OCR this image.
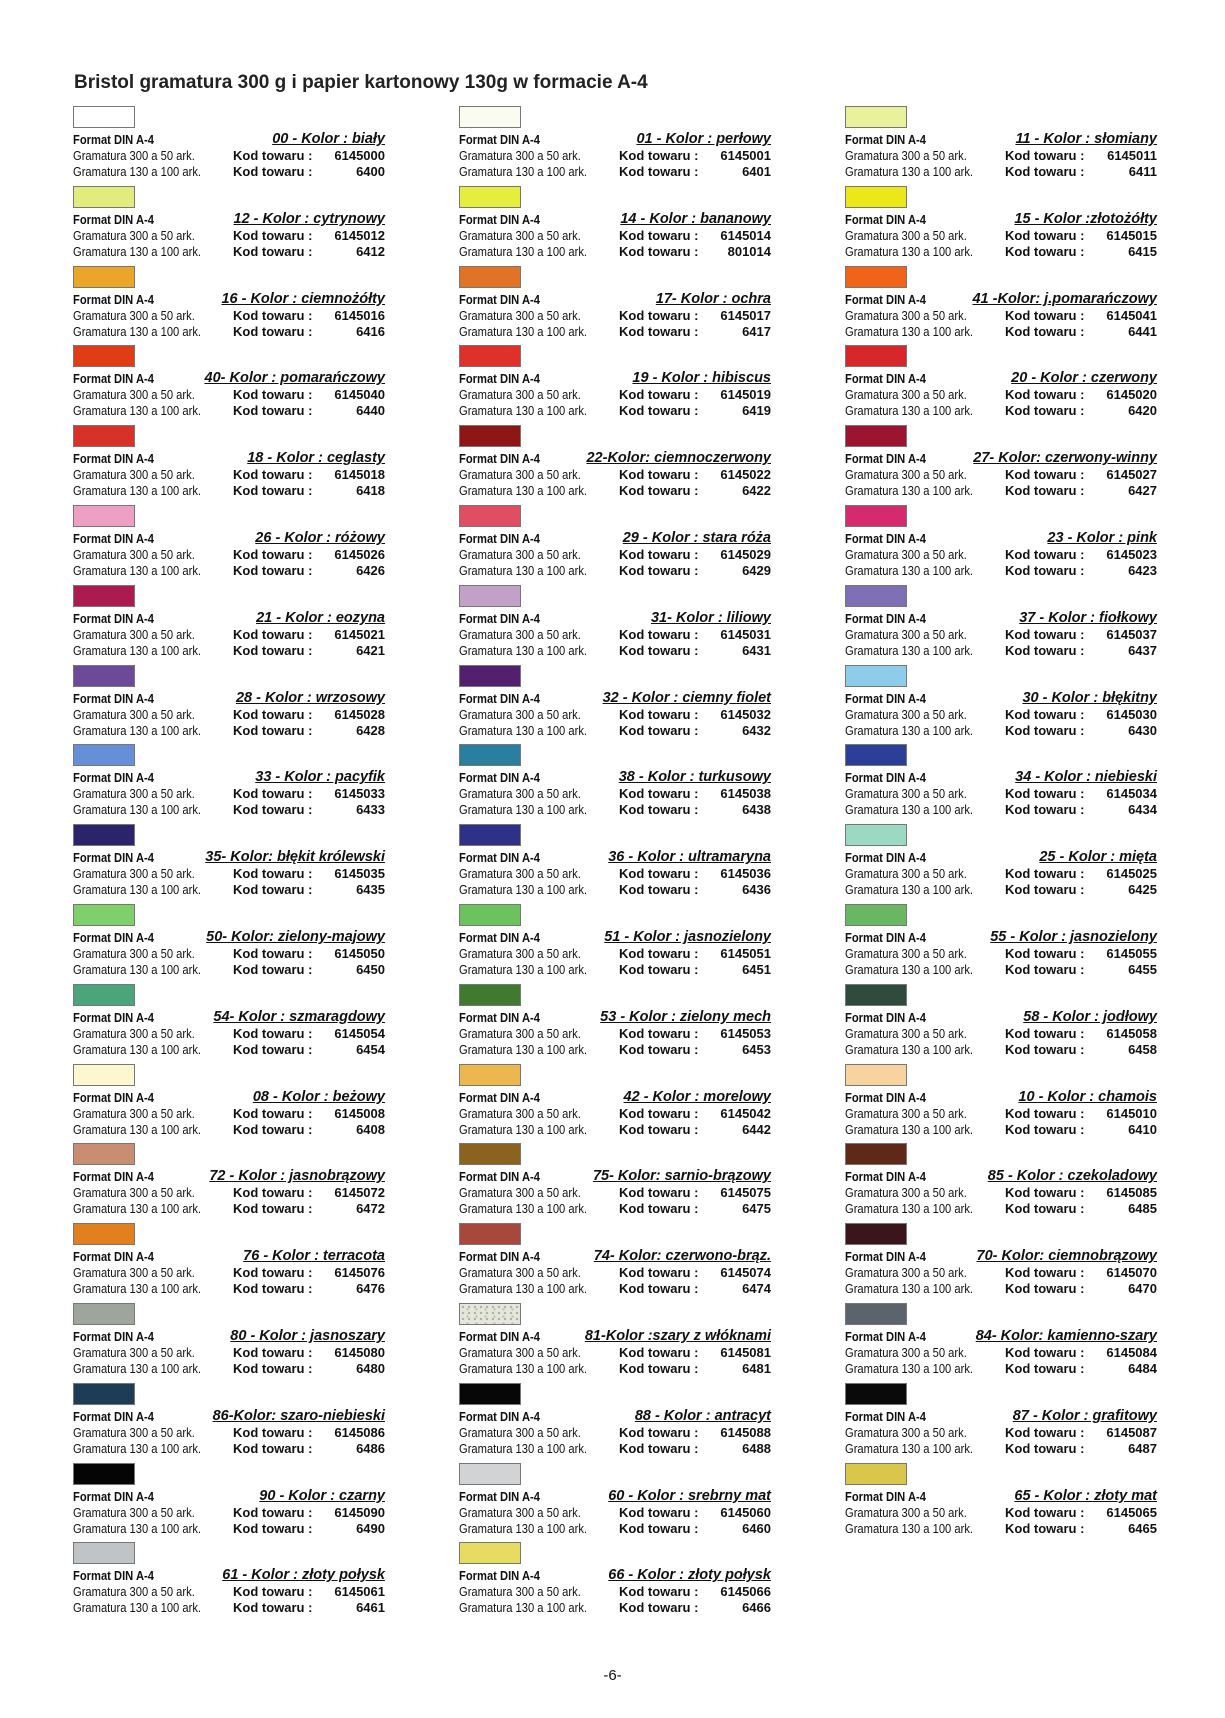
Bristol gramatura 300 g i papier kartonowy 130g w formacie A-4
Format DIN A-4	00 - Kolor : biały
Gramatura 300 a 50 ark.	Kod towaru : 6145000
Gramatura 130 a 100 ark. Kod towaru :	6400
Format DIN A-4	12 - Kolor : cytrynowy
Gramatura 300 a 50 ark.	Kod towaru : 6145012
Gramatura 130 a 100 ark. Kod towaru :	6412
Format DIN A-4	16 - Kolor : ciemnożółty
Gramatura 300 a 50 ark.	Kod towaru : 6145016
Gramatura 130 a 100 ark. Kod towaru :	6416
Format DIN A-4	40- Kolor : pomarańczowy
Gramatura 300 a 50 ark.	Kod towaru : 6145040
Gramatura 130 a 100 ark. Kod towaru :	6440
Format DIN A-4	18 - Kolor : ceglasty
Gramatura 300 a 50 ark.	Kod towaru : 6145018
Gramatura 130 a 100 ark. Kod towaru :	6418
Format DIN A-4	26 - Kolor : różowy
Gramatura 300 a 50 ark.	Kod towaru : 6145026
Gramatura 130 a 100 ark. Kod towaru :	6426
Format DIN A-4	21 - Kolor : eozyna
Gramatura 300 a 50 ark.	Kod towaru : 6145021
Gramatura 130 a 100 ark. Kod towaru :	6421
Format DIN A-4	28 - Kolor : wrzosowy
Gramatura 300 a 50 ark.	Kod towaru : 6145028
Gramatura 130 a 100 ark. Kod towaru :	6428
Format DIN A-4	33 - Kolor : pacyfik
Gramatura 300 a 50 ark.	Kod towaru : 6145033
Gramatura 130 a 100 ark. Kod towaru :	6433
Format DIN A-4	35- Kolor: błękit królewski
Gramatura 300 a 50 ark.	Kod towaru : 6145035
Gramatura 130 a 100 ark. Kod towaru :	6435
Format DIN A-4	50- Kolor: zielony-majowy
Gramatura 300 a 50 ark.	Kod towaru : 6145050
Gramatura 130 a 100 ark. Kod towaru :	6450
Format DIN A-4	54- Kolor : szmaragdowy
Gramatura 300 a 50 ark.	Kod towaru : 6145054
Gramatura 130 a 100 ark. Kod towaru :	6454
Format DIN A-4	08 - Kolor : beżowy
Gramatura 300 a 50 ark.	Kod towaru : 6145008
Gramatura 130 a 100 ark. Kod towaru :	6408
Format DIN A-4	72 - Kolor : jasnobrązowy
Gramatura 300 a 50 ark.	Kod towaru : 6145072
Gramatura 130 a 100 ark. Kod towaru :	6472
Format DIN A-4	76 - Kolor : terracota
Gramatura 300 a 50 ark.	Kod towaru : 6145076
Gramatura 130 a 100 ark. Kod towaru :	6476
Format DIN A-4	80 - Kolor : jasnoszary
Gramatura 300 a 50 ark.	Kod towaru : 6145080
Gramatura 130 a 100 ark. Kod towaru :	6480
Format DIN A-4	86-Kolor: szaro-niebieski
Gramatura 300 a 50 ark.	Kod towaru : 6145086
Gramatura 130 a 100 ark. Kod towaru :	6486
Format DIN A-4	90 - Kolor : czarny
Gramatura 300 a 50 ark.	Kod towaru : 6145090
Gramatura 130 a 100 ark. Kod towaru :	6490
Format DIN A-4	61 - Kolor : złoty połysk
Gramatura 300 a 50 ark.	Kod towaru : 6145061
Gramatura 130 a 100 ark. Kod towaru :	6461
Format DIN A-4	01 - Kolor : perłowy
Gramatura 300 a 50 ark.	Kod towaru : 6145001
Gramatura 130 a 100 ark. Kod towaru :	6401
Format DIN A-4	14 - Kolor : bananowy
Gramatura 300 a 50 ark.	Kod towaru : 6145014
Gramatura 130 a 100 ark. Kod towaru : 801014
Format DIN A-4	17- Kolor : ochra
Gramatura 300 a 50 ark.	Kod towaru : 6145017
Gramatura 130 a 100 ark. Kod towaru :	6417
Format DIN A-4	19 - Kolor : hibiscus
Gramatura 300 a 50 ark.	Kod towaru : 6145019
Gramatura 130 a 100 ark. Kod towaru :	6419
Format DIN A-4	22-Kolor: ciemnoczerwony
Gramatura 300 a 50 ark.	Kod towaru : 6145022
Gramatura 130 a 100 ark. Kod towaru :	6422
Format DIN A-4	29 - Kolor : stara róża
Gramatura 300 a 50 ark.	Kod towaru : 6145029
Gramatura 130 a 100 ark. Kod towaru :	6429
Format DIN A-4	31- Kolor : liliowy
Gramatura 300 a 50 ark.	Kod towaru : 6145031
Gramatura 130 a 100 ark. Kod towaru :	6431
Format DIN A-4	32 - Kolor : ciemny fiolet
Gramatura 300 a 50 ark.	Kod towaru : 6145032
Gramatura 130 a 100 ark. Kod towaru :	6432
Format DIN A-4	38 - Kolor : turkusowy
Gramatura 300 a 50 ark.	Kod towaru : 6145038
Gramatura 130 a 100 ark. Kod towaru :	6438
Format DIN A-4	36 - Kolor : ultramaryna
Gramatura 300 a 50 ark.	Kod towaru : 6145036
Gramatura 130 a 100 ark. Kod towaru :	6436
Format DIN A-4	51 - Kolor : jasnozielony
Gramatura 300 a 50 ark.	Kod towaru : 6145051
Gramatura 130 a 100 ark. Kod towaru :	6451
Format DIN A-4	53 - Kolor : zielony mech
Gramatura 300 a 50 ark.	Kod towaru : 6145053
Gramatura 130 a 100 ark. Kod towaru :	6453
Format DIN A-4	42 - Kolor : morelowy
Gramatura 300 a 50 ark.	Kod towaru : 6145042
Gramatura 130 a 100 ark. Kod towaru :	6442
Format DIN A-4	75- Kolor: sarnio-brązowy
Gramatura 300 a 50 ark.	Kod towaru : 6145075
Gramatura 130 a 100 ark. Kod towaru :	6475
Format DIN A-4	74- Kolor: czerwono-brąz.
Gramatura 300 a 50 ark.	Kod towaru : 6145074
Gramatura 130 a 100 ark. Kod towaru :	6474
Format DIN A-4	81-Kolor :szary z włóknami
Gramatura 300 a 50 ark.	Kod towaru : 6145081
Gramatura 130 a 100 ark. Kod towaru :	6481
Format DIN A-4	88 - Kolor : antracyt
Gramatura 300 a 50 ark.	Kod towaru : 6145088
Gramatura 130 a 100 ark. Kod towaru :	6488
Format DIN A-4	60 - Kolor : srebrny mat
Gramatura 300 a 50 ark.	Kod towaru : 6145060
Gramatura 130 a 100 ark. Kod towaru :	6460
Format DIN A-4	66 - Kolor : złoty połysk
Gramatura 300 a 50 ark.	Kod towaru : 6145066
Gramatura 130 a 100 ark. Kod towaru :	6466
Format DIN A-4	11 - Kolor : słomiany
Gramatura 300 a 50 ark.	Kod towaru : 6145011
Gramatura 130 a 100 ark. Kod towaru :	6411
Format DIN A-4	15 - Kolor :złotożółty
Gramatura 300 a 50 ark.	Kod towaru : 6145015
Gramatura 130 a 100 ark. Kod towaru :	6415
Format DIN A-4	41 -Kolor: j.pomarańczowy
Gramatura 300 a 50 ark.	Kod towaru : 6145041
Gramatura 130 a 100 ark. Kod towaru :	6441
Format DIN A-4	20 - Kolor : czerwony
Gramatura 300 a 50 ark.	Kod towaru : 6145020
Gramatura 130 a 100 ark. Kod towaru :	6420
Format DIN A-4	27- Kolor: czerwony-winny
Gramatura 300 a 50 ark.	Kod towaru : 6145027
Gramatura 130 a 100 ark. Kod towaru :	6427
Format DIN A-4	23 - Kolor : pink
Gramatura 300 a 50 ark.	Kod towaru : 6145023
Gramatura 130 a 100 ark. Kod towaru :	6423
Format DIN A-4	37 - Kolor : fiołkowy
Gramatura 300 a 50 ark.	Kod towaru : 6145037
Gramatura 130 a 100 ark. Kod towaru :	6437
Format DIN A-4	30 - Kolor : błękitny
Gramatura 300 a 50 ark.	Kod towaru : 6145030
Gramatura 130 a 100 ark. Kod towaru :	6430
Format DIN A-4	34 - Kolor : niebieski
Gramatura 300 a 50 ark.	Kod towaru : 6145034
Gramatura 130 a 100 ark. Kod towaru :	6434
Format DIN A-4	25 - Kolor : mięta
Gramatura 300 a 50 ark.	Kod towaru : 6145025
Gramatura 130 a 100 ark. Kod towaru :	6425
Format DIN A-4	55 - Kolor : jasnozielony
Gramatura 300 a 50 ark.	Kod towaru : 6145055
Gramatura 130 a 100 ark. Kod towaru :	6455
Format DIN A-4	58 - Kolor : jodłowy
Gramatura 300 a 50 ark.	Kod towaru : 6145058
Gramatura 130 a 100 ark. Kod towaru :	6458
Format DIN A-4	10 - Kolor : chamois
Gramatura 300 a 50 ark.	Kod towaru : 6145010
Gramatura 130 a 100 ark. Kod towaru :	6410
Format DIN A-4	85 - Kolor : czekoladowy
Gramatura 300 a 50 ark.	Kod towaru : 6145085
Gramatura 130 a 100 ark. Kod towaru :	6485
Format DIN A-4	70- Kolor: ciemnobrązowy
Gramatura 300 a 50 ark.	Kod towaru : 6145070
Gramatura 130 a 100 ark. Kod towaru :	6470
Format DIN A-4	84- Kolor: kamienno-szary
Gramatura 300 a 50 ark.	Kod towaru : 6145084
Gramatura 130 a 100 ark. Kod towaru :	6484
Format DIN A-4	87 - Kolor : grafitowy
Gramatura 300 a 50 ark.	Kod towaru : 6145087
Gramatura 130 a 100 ark. Kod towaru :	6487
Format DIN A-4	65 - Kolor : złoty mat
Gramatura 300 a 50 ark.	Kod towaru : 6145065
Gramatura 130 a 100 ark. Kod towaru :	6465
-6-
